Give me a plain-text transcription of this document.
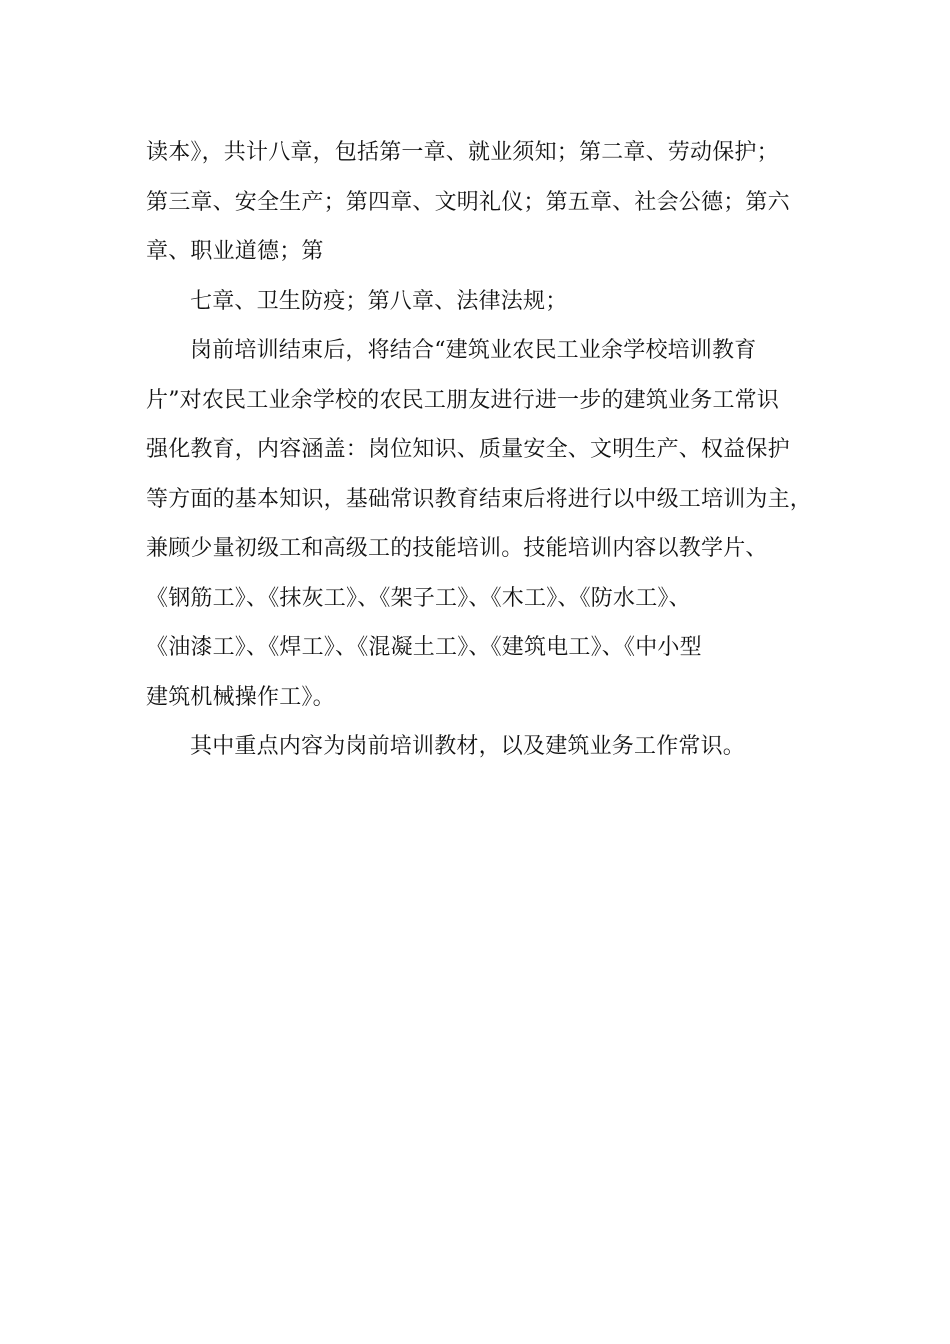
读本》，共计八章，包括第一章、就业须知；第二章、劳动保护；
第三章、安全生产；第四章、文明礼仪；第五章、社会公德；第六
章、职业道德；第
七章、卫生防疫；第八章、法律法规；
岗前培训结束后，将结合“建筑业农民工业余学校培训教育
片”对农民工业余学校的农民工朋友进行进一步的建筑业务工常识
强化教育，内容涵盖：岗位知识、质量安全、文明生产、权益保护
等方面的基本知识，基础常识教育结束后将进行以中级工培训为主，
兼顾少量初级工和高级工的技能培训。技能培训内容以教学片、
《钢筋工》、《抹灰工》、《架子工》、《木工》、《防水工》、
《油漆工》、《焊工》、《混凝土工》、《建筑电工》、《中小型
建筑机械操作工》。
其中重点内容为岗前培训教材，以及建筑业务工作常识。
